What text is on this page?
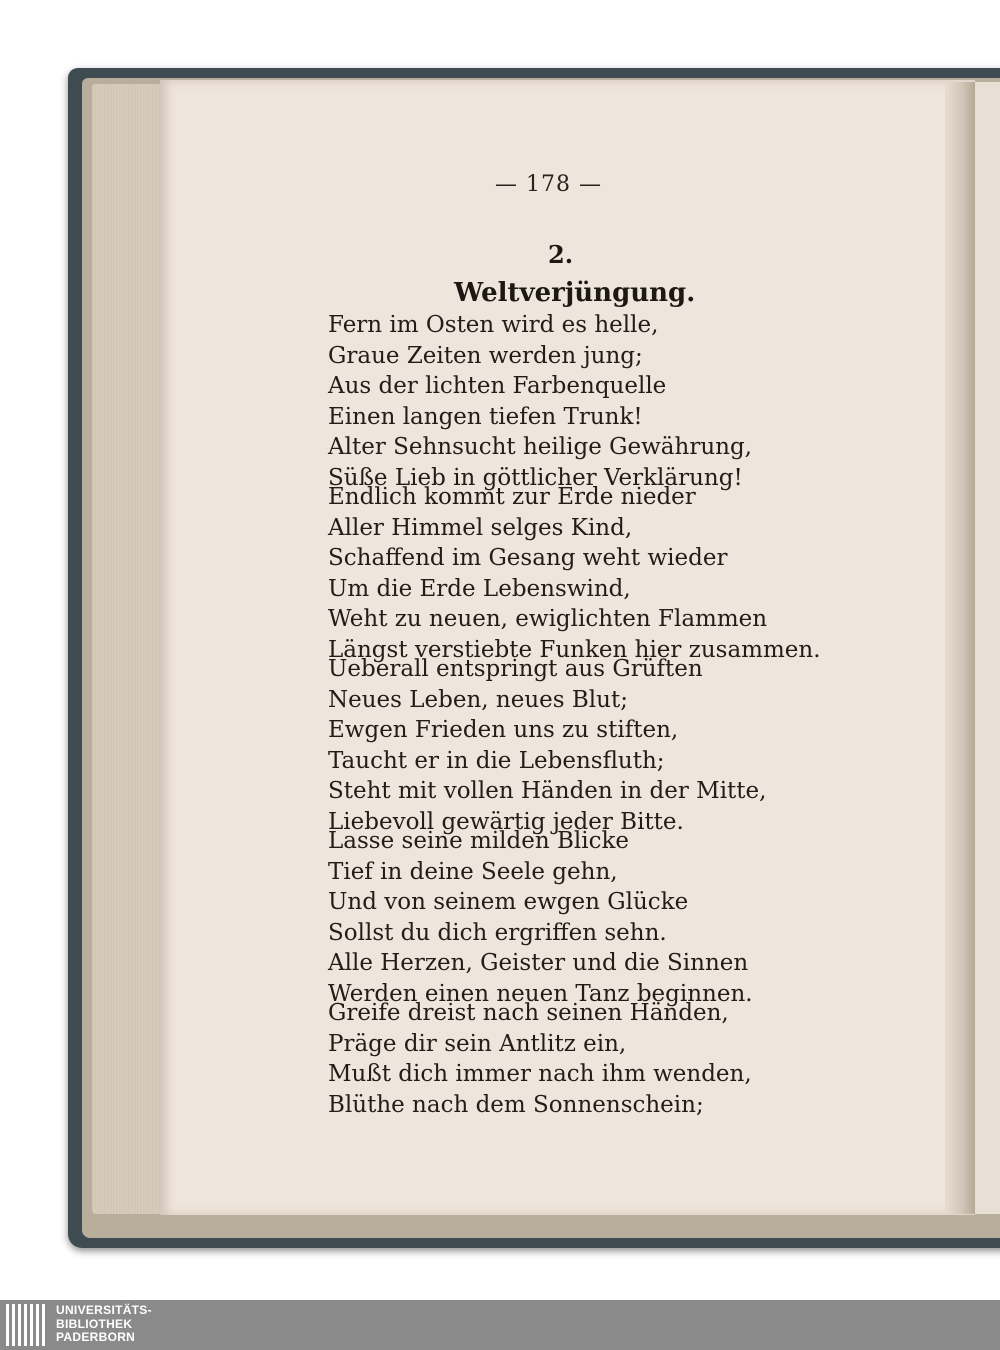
— 178 —
2.
Weltverjüngung.
Fern im Osten wird es helle,
Graue Zeiten werden jung;
Aus der lichten Farbenquelle
Einen langen tiefen Trunk!
Alter Sehnsucht heilige Gewährung,
Süße Lieb in göttlicher Verklärung!
Endlich kommt zur Erde nieder
Aller Himmel selges Kind,
Schaffend im Gesang weht wieder
Um die Erde Lebenswind,
Weht zu neuen, ewiglichten Flammen
Längst verstiebte Funken hier zusammen.
Ueberall entspringt aus Grüften
Neues Leben, neues Blut;
Ewgen Frieden uns zu stiften,
Taucht er in die Lebensfluth;
Steht mit vollen Händen in der Mitte,
Liebevoll gewärtig jeder Bitte.
Lasse seine milden Blicke
Tief in deine Seele gehn,
Und von seinem ewgen Glücke
Sollst du dich ergriffen sehn.
Alle Herzen, Geister und die Sinnen
Werden einen neuen Tanz beginnen.
Greife dreist nach seinen Händen,
Präge dir sein Antlitz ein,
Mußt dich immer nach ihm wenden,
Blüthe nach dem Sonnenschein;
UNIVERSITÄTS-
BIBLIOTHEK
PADERBORN
